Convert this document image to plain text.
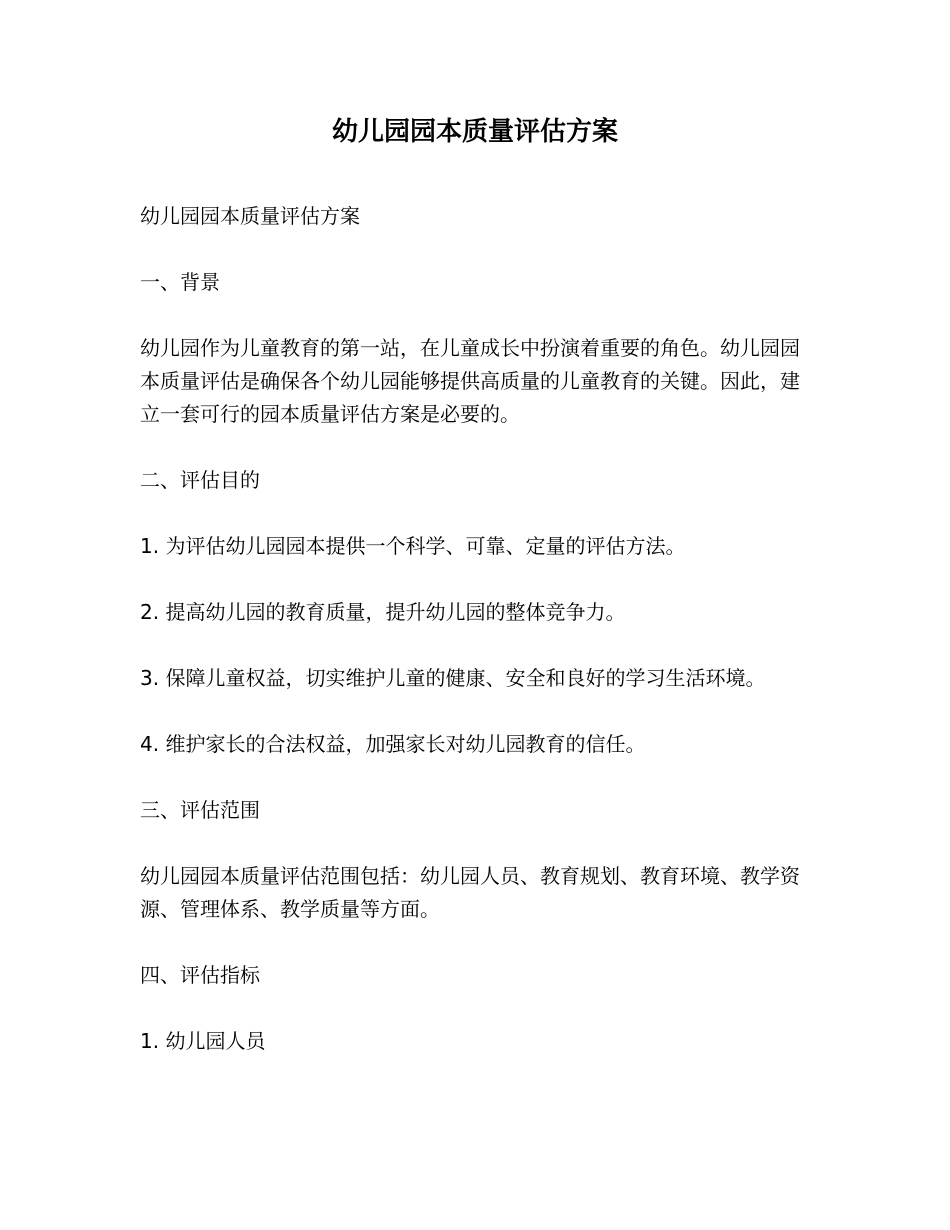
幼儿园园本质量评估方案

幼儿园园本质量评估方案

一、背景

幼儿园作为儿童教育的第一站，在儿童成长中扮演着重要的角色。幼儿园园本质量评估是确保各个幼儿园能够提供高质量的儿童教育的关键。因此，建立一套可行的园本质量评估方案是必要的。

二、评估目的

1. 为评估幼儿园园本提供一个科学、可靠、定量的评估方法。

2. 提高幼儿园的教育质量，提升幼儿园的整体竞争力。

3. 保障儿童权益，切实维护儿童的健康、安全和良好的学习生活环境。

4. 维护家长的合法权益，加强家长对幼儿园教育的信任。

三、评估范围

幼儿园园本质量评估范围包括：幼儿园人员、教育规划、教育环境、教学资源、管理体系、教学质量等方面。

四、评估指标

1. 幼儿园人员
